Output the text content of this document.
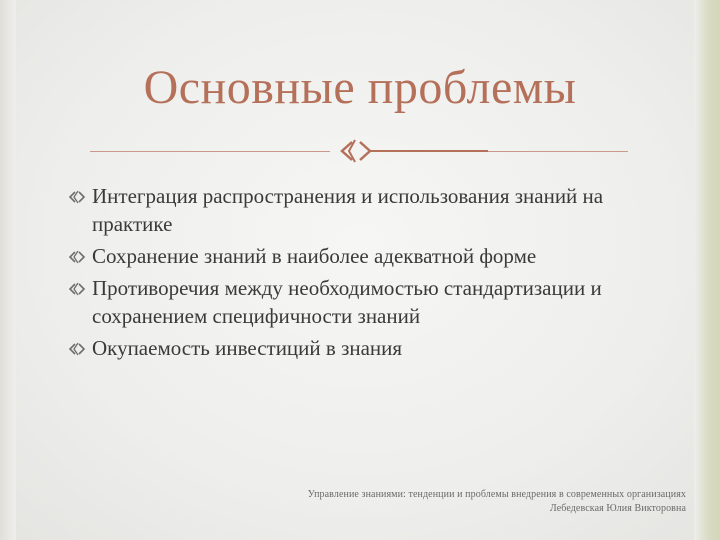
Основные проблемы
Интеграция распространения и использования знаний на практике
Сохранение знаний в наиболее адекватной форме
Противоречия между необходимостью стандартизации и сохранением специфичности знаний
Окупаемость инвестиций в знания
Управление знаниями: тенденции и проблемы внедрения в современных организациях
Лебедевская Юлия Викторовна
